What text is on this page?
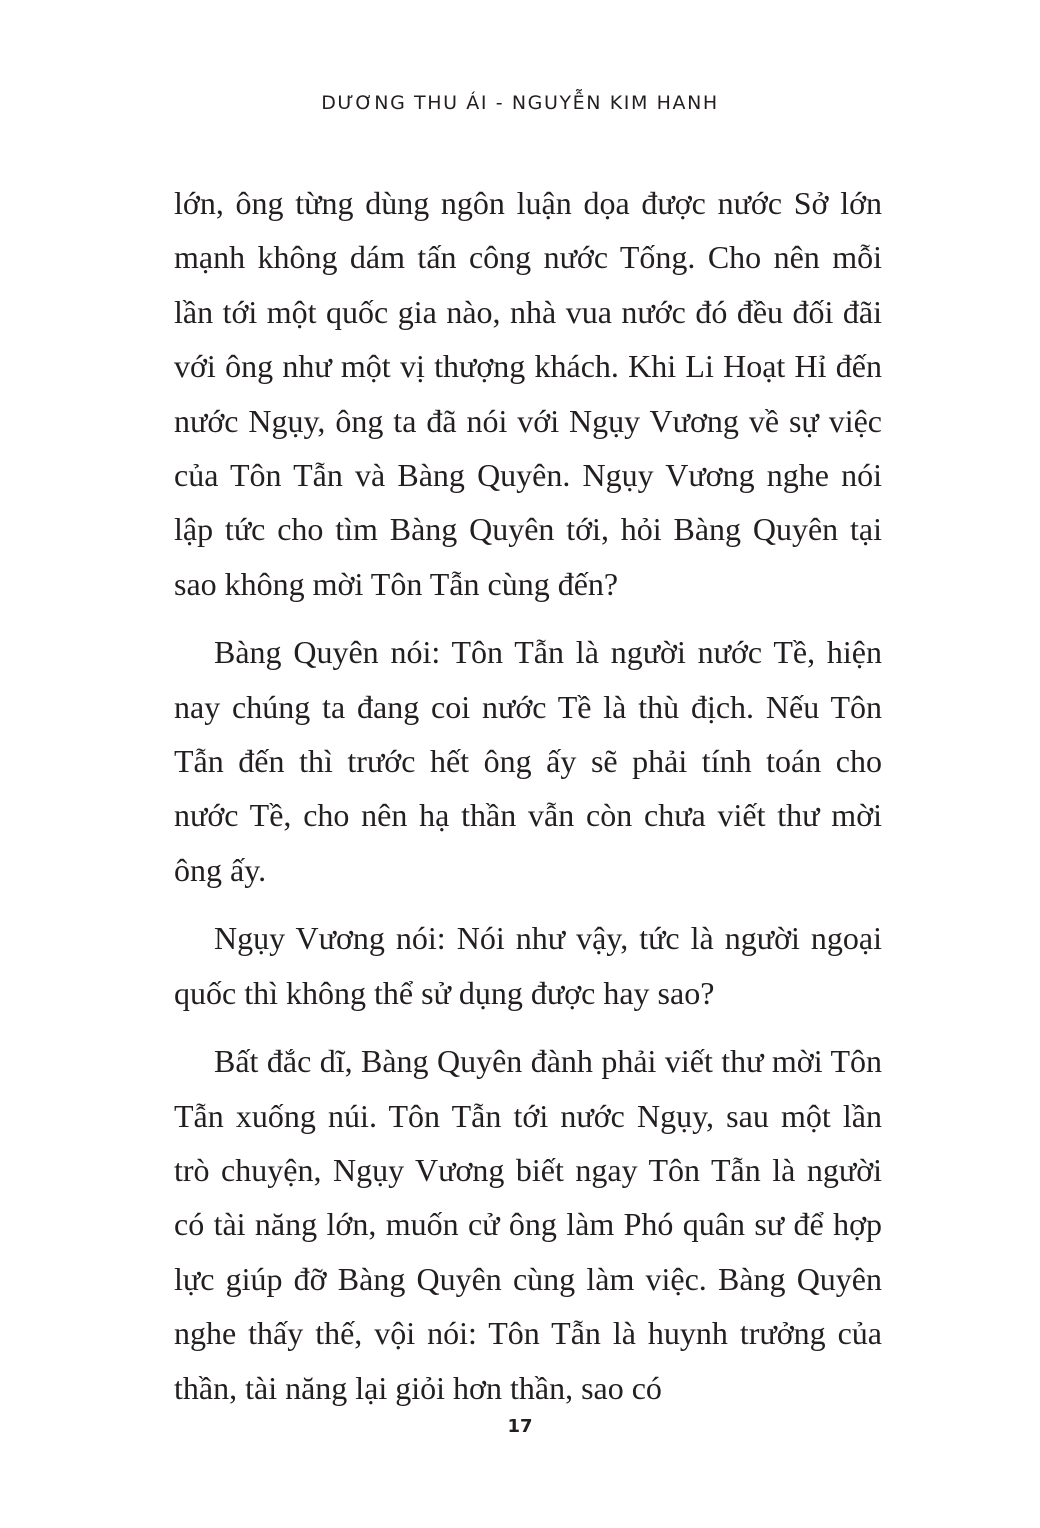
DƯƠNG THU ÁI - NGUYỄN KIM HANH

lớn, ông từng dùng ngôn luận dọa được nước Sở lớn mạnh không dám tấn công nước Tống. Cho nên mỗi lần tới một quốc gia nào, nhà vua nước đó đều đối đãi với ông như một vị thượng khách. Khi Li Hoạt Hỉ đến nước Ngụy, ông ta đã nói với Ngụy Vương về sự việc của Tôn Tẫn và Bàng Quyên. Ngụy Vương nghe nói lập tức cho tìm Bàng Quyên tới, hỏi Bàng Quyên tại sao không mời Tôn Tẫn cùng đến?

Bàng Quyên nói: Tôn Tẫn là người nước Tề, hiện nay chúng ta đang coi nước Tề là thù địch. Nếu Tôn Tẫn đến thì trước hết ông ấy sẽ phải tính toán cho nước Tề, cho nên hạ thần vẫn còn chưa viết thư mời ông ấy.

Ngụy Vương nói: Nói như vậy, tức là người ngoại quốc thì không thể sử dụng được hay sao?

Bất đắc dĩ, Bàng Quyên đành phải viết thư mời Tôn Tẫn xuống núi. Tôn Tẫn tới nước Ngụy, sau một lần trò chuyện, Ngụy Vương biết ngay Tôn Tẫn là người có tài năng lớn, muốn cử ông làm Phó quân sư để hợp lực giúp đỡ Bàng Quyên cùng làm việc. Bàng Quyên nghe thấy thế, vội nói: Tôn Tẫn là huynh trưởng của thần, tài năng lại giỏi hơn thần, sao có

17
